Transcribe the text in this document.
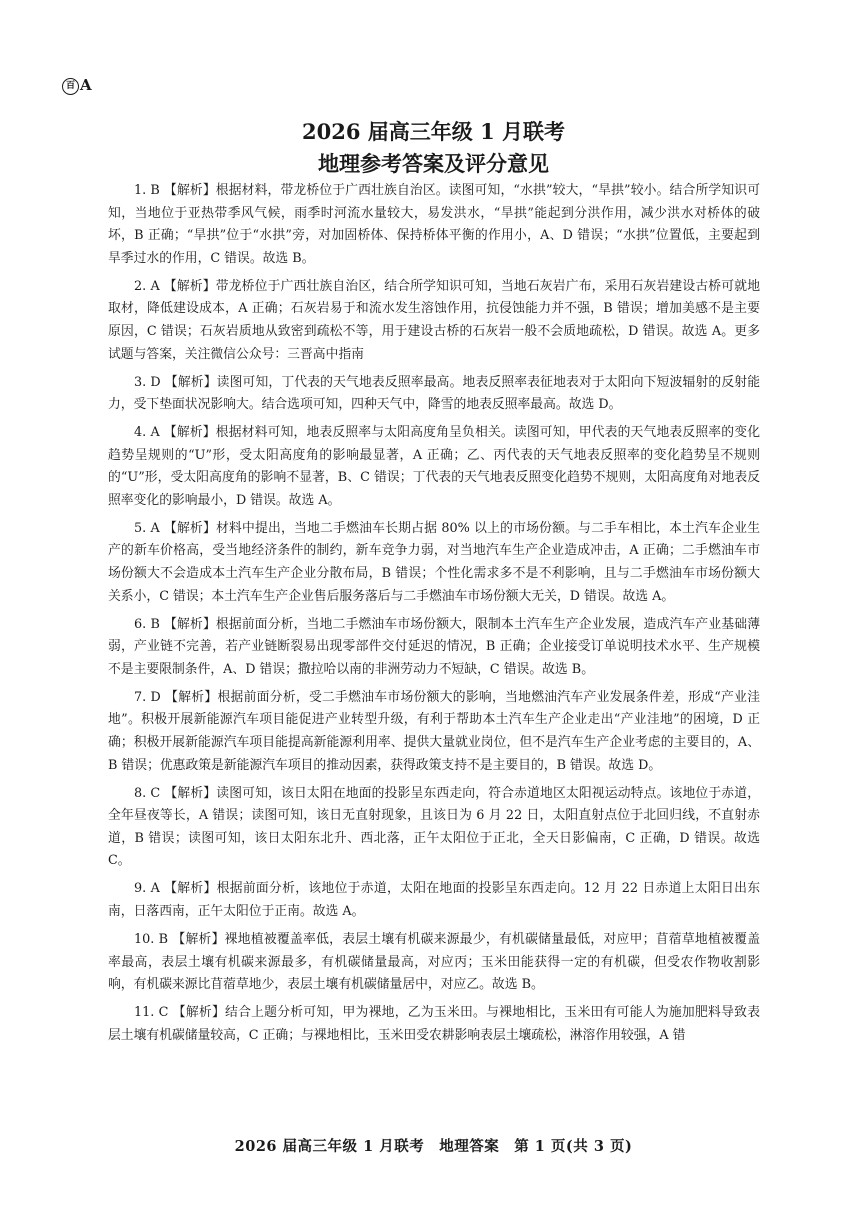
百 A
2026 届高三年级 1 月联考
地理参考答案及评分意见

1. B 【解析】根据材料，带龙桥位于广西壮族自治区。读图可知，“水拱”较大，“旱拱”较小。结合所学知识可知，当地位于亚热带季风气候，雨季时河流水量较大，易发洪水，“旱拱”能起到分洪作用，减少洪水对桥体的破坏，B 正确；“旱拱”位于“水拱”旁，对加固桥体、保持桥体平衡的作用小，A、D 错误；“水拱”位置低，主要起到旱季过水的作用，C 错误。故选 B。

2. A 【解析】带龙桥位于广西壮族自治区，结合所学知识可知，当地石灰岩广布，采用石灰岩建设古桥可就地取材，降低建设成本，A 正确；石灰岩易于和流水发生溶蚀作用，抗侵蚀能力并不强，B 错误；增加美感不是主要原因，C 错误；石灰岩质地从致密到疏松不等，用于建设古桥的石灰岩一般不会质地疏松，D 错误。故选 A。更多试题与答案，关注微信公众号：三晋高中指南

3. D 【解析】读图可知，丁代表的天气地表反照率最高。地表反照率表征地表对于太阳向下短波辐射的反射能力，受下垫面状况影响大。结合选项可知，四种天气中，降雪的地表反照率最高。故选 D。

4. A 【解析】根据材料可知，地表反照率与太阳高度角呈负相关。读图可知，甲代表的天气地表反照率的变化趋势呈规则的“U”形，受太阳高度角的影响最显著，A 正确；乙、丙代表的天气地表反照率的变化趋势呈不规则的“U”形，受太阳高度角的影响不显著，B、C 错误；丁代表的天气地表反照变化趋势不规则，太阳高度角对地表反照率变化的影响最小，D 错误。故选 A。

5. A 【解析】材料中提出，当地二手燃油车长期占据 80% 以上的市场份额。与二手车相比，本土汽车企业生产的新车价格高，受当地经济条件的制约，新车竞争力弱，对当地汽车生产企业造成冲击，A 正确；二手燃油车市场份额大不会造成本土汽车生产企业分散布局，B 错误；个性化需求多不是不利影响，且与二手燃油车市场份额大关系小，C 错误；本土汽车生产企业售后服务落后与二手燃油车市场份额大无关，D 错误。故选 A。

6. B 【解析】根据前面分析，当地二手燃油车市场份额大，限制本土汽车生产企业发展，造成汽车产业基础薄弱，产业链不完善，若产业链断裂易出现零部件交付延迟的情况，B 正确；企业接受订单说明技术水平、生产规模不是主要限制条件，A、D 错误；撒拉哈以南的非洲劳动力不短缺，C 错误。故选 B。

7. D 【解析】根据前面分析，受二手燃油车市场份额大的影响，当地燃油汽车产业发展条件差，形成“产业洼地”。积极开展新能源汽车项目能促进产业转型升级，有利于帮助本土汽车生产企业走出“产业洼地”的困境，D 正确；积极开展新能源汽车项目能提高新能源利用率、提供大量就业岗位，但不是汽车生产企业考虑的主要目的，A、B 错误；优惠政策是新能源汽车项目的推动因素，获得政策支持不是主要目的，B 错误。故选 D。

8. C 【解析】读图可知，该日太阳在地面的投影呈东西走向，符合赤道地区太阳视运动特点。该地位于赤道，全年昼夜等长，A 错误；读图可知，该日无直射现象，且该日为 6 月 22 日，太阳直射点位于北回归线，不直射赤道，B 错误；读图可知，该日太阳东北升、西北落，正午太阳位于正北，全天日影偏南，C 正确，D 错误。故选 C。

9. A 【解析】根据前面分析，该地位于赤道，太阳在地面的投影呈东西走向。12 月 22 日赤道上太阳日出东南，日落西南，正午太阳位于正南。故选 A。

10. B 【解析】裸地植被覆盖率低，表层土壤有机碳来源最少，有机碳储量最低，对应甲；苜蓿草地植被覆盖率最高，表层土壤有机碳来源最多，有机碳储量最高，对应丙；玉米田能获得一定的有机碳，但受农作物收割影响，有机碳来源比苜蓿草地少，表层土壤有机碳储量居中，对应乙。故选 B。

11. C 【解析】结合上题分析可知，甲为裸地，乙为玉米田。与裸地相比，玉米田有可能人为施加肥料导致表层土壤有机碳储量较高，C 正确；与裸地相比，玉米田受农耕影响表层土壤疏松，淋溶作用较强，A 错

2026 届高三年级 1 月联考　地理答案　第 1 页(共 3 页)
